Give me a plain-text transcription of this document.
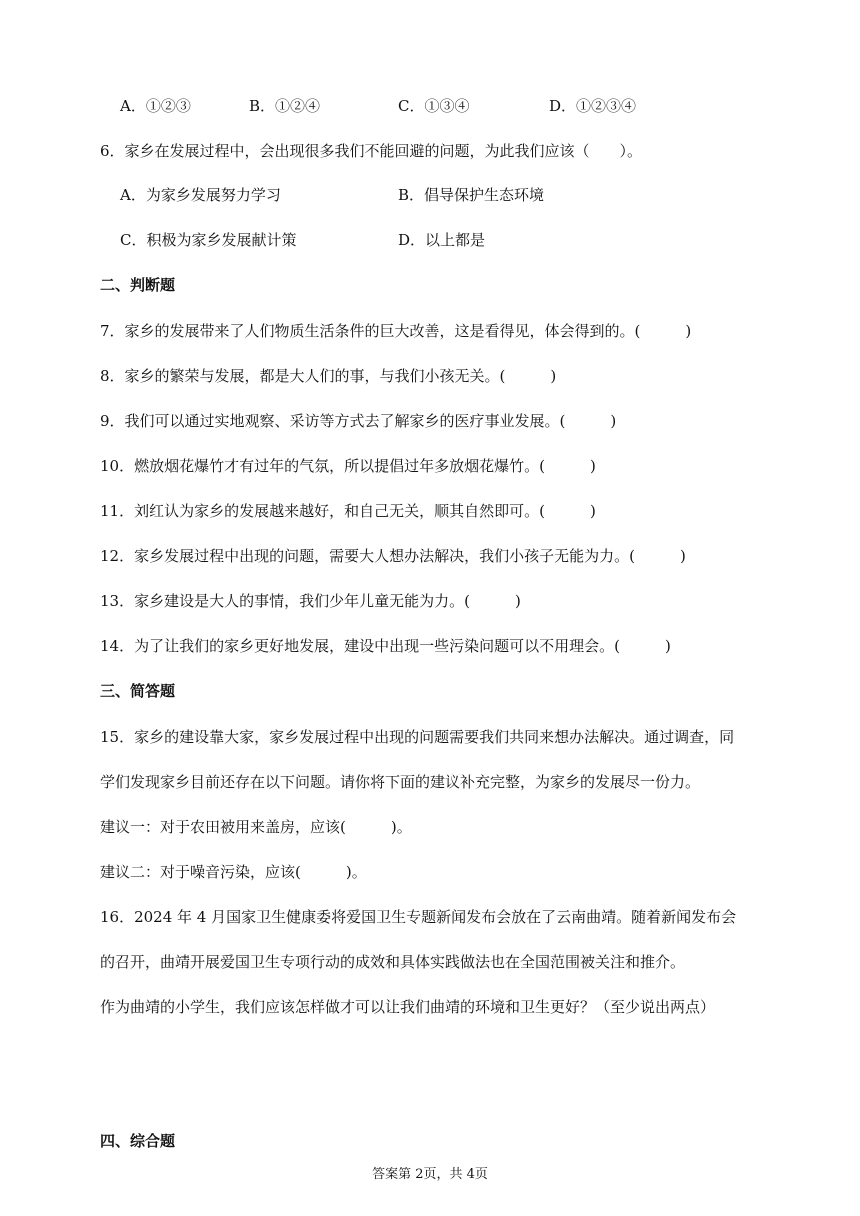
A．①②③	B．①②④	C．①③④	D．①②③④
6．家乡在发展过程中，会出现很多我们不能回避的问题，为此我们应该（　　）。
A．为家乡发展努力学习	B．倡导保护生态环境
C．积极为家乡发展献计策	D．以上都是
二、判断题
7．家乡的发展带来了人们物质生活条件的巨大改善，这是看得见，体会得到的。(　　　)
8．家乡的繁荣与发展，都是大人们的事，与我们小孩无关。(　　　)
9．我们可以通过实地观察、采访等方式去了解家乡的医疗事业发展。(　　　)
10．燃放烟花爆竹才有过年的气氛，所以提倡过年多放烟花爆竹。(　　　)
11．刘红认为家乡的发展越来越好，和自己无关，顺其自然即可。(　　　)
12．家乡发展过程中出现的问题，需要大人想办法解决，我们小孩子无能为力。(　　　)
13．家乡建设是大人的事情，我们少年儿童无能为力。(　　　)
14．为了让我们的家乡更好地发展，建设中出现一些污染问题可以不用理会。(　　　)
三、简答题
15．家乡的建设靠大家，家乡发展过程中出现的问题需要我们共同来想办法解决。通过调查，同
学们发现家乡目前还存在以下问题。请你将下面的建议补充完整，为家乡的发展尽一份力。
建议一：对于农田被用来盖房，应该(　　　)。
建议二：对于噪音污染，应该(　　　)。
16．2024 年 4 月国家卫生健康委将爱国卫生专题新闻发布会放在了云南曲靖。随着新闻发布会
的召开，曲靖开展爱国卫生专项行动的成效和具体实践做法也在全国范围被关注和推介。
作为曲靖的小学生，我们应该怎样做才可以让我们曲靖的环境和卫生更好？（至少说出两点）
四、综合题
答案第 2页，共 4页
